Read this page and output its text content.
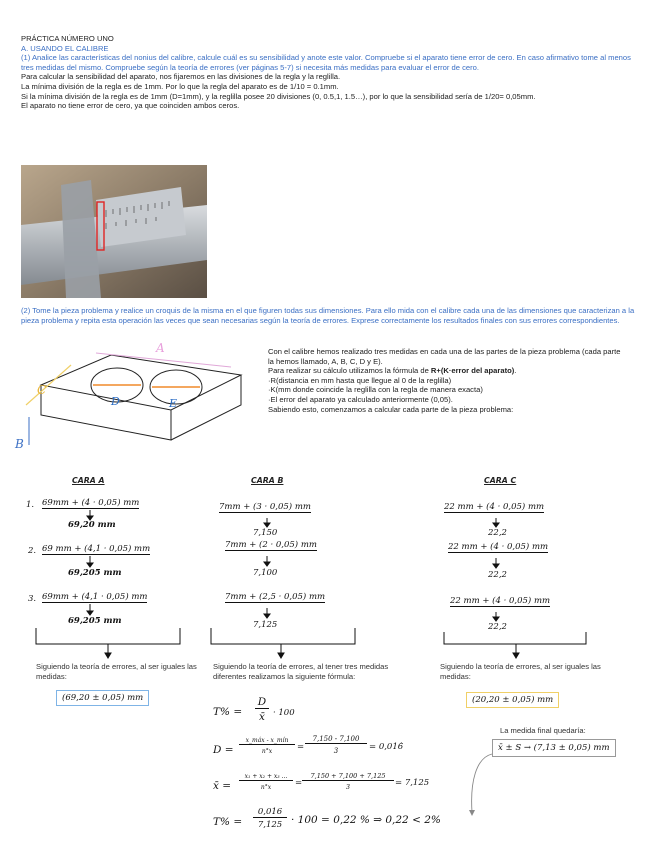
PRÁCTICA NÚMERO UNO
A. USANDO EL CALIBRE
(1) Analice las características del nonius del calibre, calcule cuál es su sensibilidad y anote este valor. Compruebe si el aparato tiene error de cero. En caso afirmativo tome al menos tres medidas del mismo. Compruebe según la teoría de errores (ver páginas 5-7) si necesita más medidas para evaluar el error de cero.
Para calcular la sensibilidad del aparato, nos fijaremos en las divisiones de la regla y la reglilla.
La mínima división de la regla es de 1mm. Por lo que la regla del aparato es de 1/10 = 0.1mm.
Si la mínima división de la regla es de 1mm (D=1mm), y la reglilla posee 20 divisiones (0, 0.5,1, 1.5…), por lo que la sensibilidad sería de 1/20= 0,05mm.
El aparato no tiene error de cero, ya que coinciden ambos ceros.
(2) Tome la pieza problema y realice un croquis de la misma en el que figuren todas sus dimensiones. Para ello mida con el calibre cada una de las dimensiones que caracterizan a la pieza problema y repita esta operación las veces que sean necesarias según la teoría de errores. Exprese correctamente los resultados finales con sus errores correspondientes.
A
C
B
D	E
Con el calibre hemos realizado tres medidas en cada una de las partes de la pieza problema (cada parte la hemos llamado, A, B, C, D y E).
Para realizar su cálculo utilizamos la fórmula de R+(K·error del aparato).
·R(distancia en mm hasta que llegue al 0 de la reglilla)
·K(mm donde coincide la reglilla con la regla de manera exacta)
·El error del aparato ya calculado anteriormente (0,05).
Sabiendo esto, comenzamos a calcular cada parte de la pieza problema:
CARA A
1. 69mm + (4 · 0,05) mm
69,20 mm
2. 69 mm + (4,1 · 0,05) mm
69,205 mm
3. 69mm + (4,1 · 0,05) mm
69,205 mm
Siguiendo la teoría de errores, al ser iguales las medidas:
(69,20 ± 0,05) mm
CARA B
7mm + (3 · 0,05) mm
7,150
7mm + (2 · 0,05) mm
7,100
7mm + (2,5 · 0,05) mm
7,125
Siguiendo la teoría de errores, al tener tres medidas diferentes realizamos la siguiente fórmula:
T% =
D
x̄ · 100
D =
x_máx - x_mín
n°x	=
7,150 - 7,100
3	= 0,016̂
x̄ =
x₁ + x₂ + x₃ ...
n°x	=
7,150 + 7,100 + 7,125
3	= 7,125
T% =
0,016
7,125 · 100 = 0,22 % ⇒ 0,22 < 2%
CARA C
22 mm + (4 · 0,05) mm
22,2
22 mm + (4 · 0,05) mm
22,2
22 mm + (4 · 0,05) mm
22,2
Siguiendo la teoría de errores, al ser iguales las medidas:
(20,20 ± 0,05) mm
La medida final quedaría:
x̄ ± S → (7,13 ± 0,05) mm
